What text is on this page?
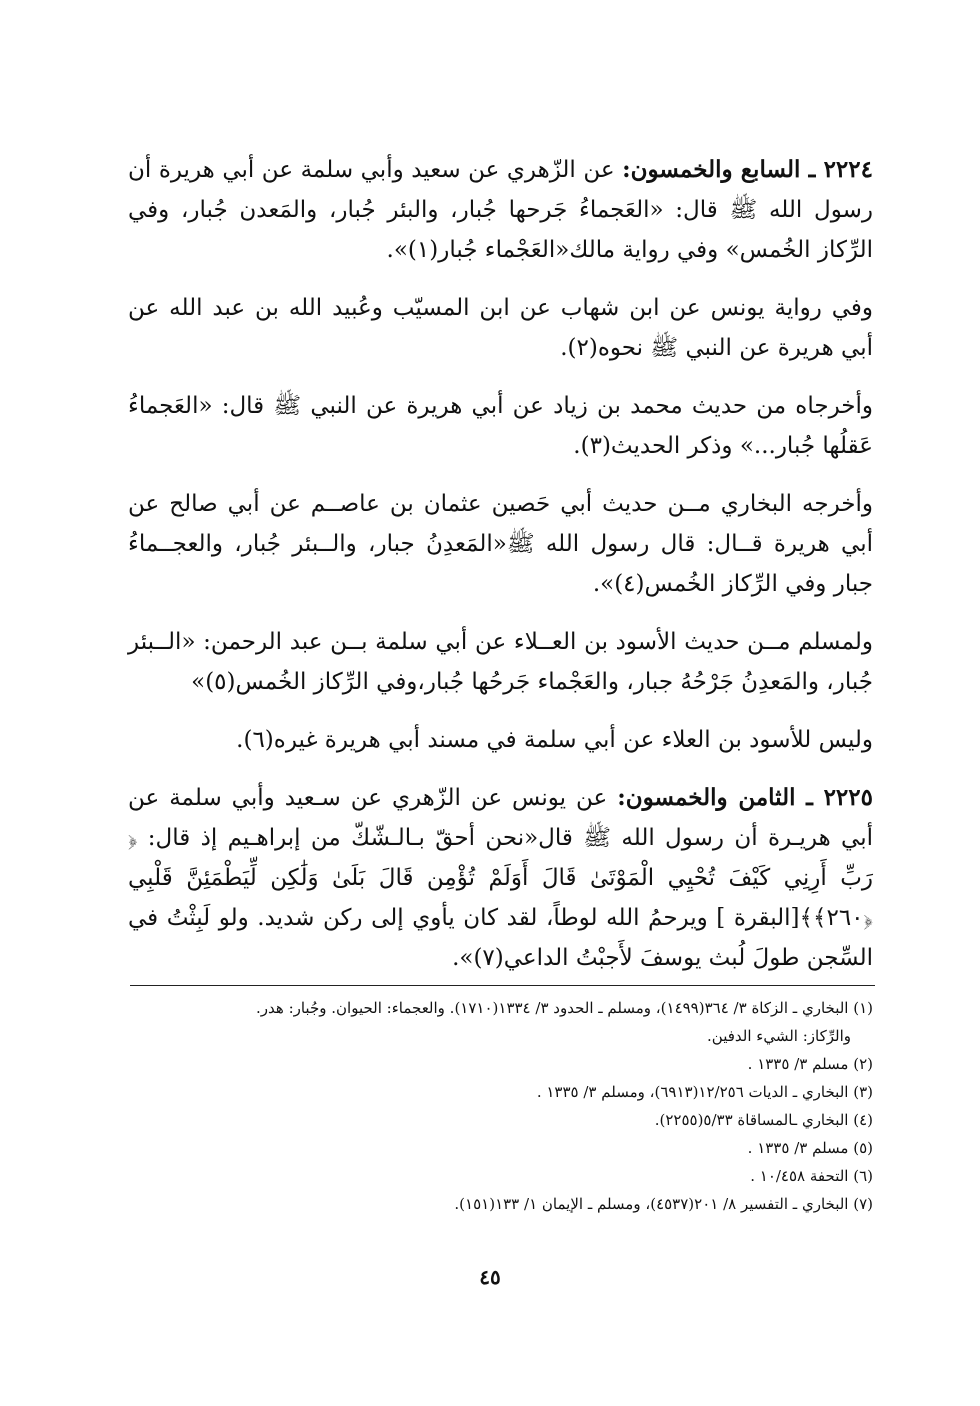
٢٢٢٤ ـ السابع والخمسون: عن الزّهري عن سعيد وأبي سلمة عن أبي هريرة أن رسول الله ﷺ قال: «العَجماءُ جَرحها جُبار، والبئر جُبار، والمَعدن جُبار، وفي الرِّكاز الخُمس» وفي رواية مالك«العَجْماء جُبار(١)».

وفي رواية يونس عن ابن شهاب عن ابن المسيّب وعُبيد الله بن عبد الله عن أبي هريرة عن النبي ﷺ نحوه(٢).

وأخرجاه من حديث محمد بن زياد عن أبي هريرة عن النبي ﷺ قال: «العَجماءُ عَقلُها جُبار...» وذكر الحديث(٣).

وأخرجه البخاري مــن حديث أبي حَصين عثمان بن عاصــم عن أبي صالح عن أبي هريرة قــال: قال رسول الله ﷺ«المَعدِنُ جبار، والــبئر جُبار، والعجــماءُ جبار وفي الرِّكاز الخُمس(٤)».

ولمسلم مــن حديث الأسود بن العــلاء عن أبي سلمة بــن عبد الرحمن: «الــبئر جُبار، والمَعدِنُ جَرْحُهُ جبار، والعَجْماء جَرحُها جُبار،وفي الرِّكاز الخُمس(٥)»

وليس للأسود بن العلاء عن أبي سلمة في مسند أبي هريرة غيره(٦).

٢٢٢٥ ـ الثامن والخمسون: عن يونس عن الزّهري عن سـعيد وأبي سلمة عن أبي هريـرة أن رسول الله ﷺ قال«نحن أحقّ بـالـشّكّ من إبراهـيم إذ قال: ﴿ رَبِّ أَرِنِي كَيْفَ تُحْيِي الْمَوْتَىٰ قَالَ أَوَلَمْ تُؤْمِن قَالَ بَلَىٰ وَلَٰكِن لِّيَطْمَئِنَّ قَلْبِي ﴿٢٦٠﴾﴾[البقرة ] ويرحمُ الله لوطاً، لقد كان يأوي إلى ركن شديد. ولو لَبِثْتُ في السِّجن طولَ لُبث يوسفَ لأَجبْتُ الداعي(٧)».

(١) البخاري ـ الزكاة ٣/ ٣٦٤(١٤٩٩)، ومسلم ـ الحدود ٣/ ١٣٣٤(١٧١٠). والعجماء: الحيوان. وجُبار: هدر.

والرِّكاز: الشيء الدفين.

(٢) مسلم ٣/ ١٣٣٥ .

(٣) البخاري ـ الديات ١٢/٢٥٦(٦٩١٣)، ومسلم ٣/ ١٣٣٥ .

(٤) البخاري ـالمساقاة ٥/٣٣(٢٢٥٥).

(٥) مسلم ٣/ ١٣٣٥ .

(٦) التحفة ١٠/٤٥٨ .

(٧) البخاري ـ التفسير ٨/ ٢٠١(٤٥٣٧)، ومسلم ـ الإيمان ١/ ١٣٣(١٥١).

٤٥
